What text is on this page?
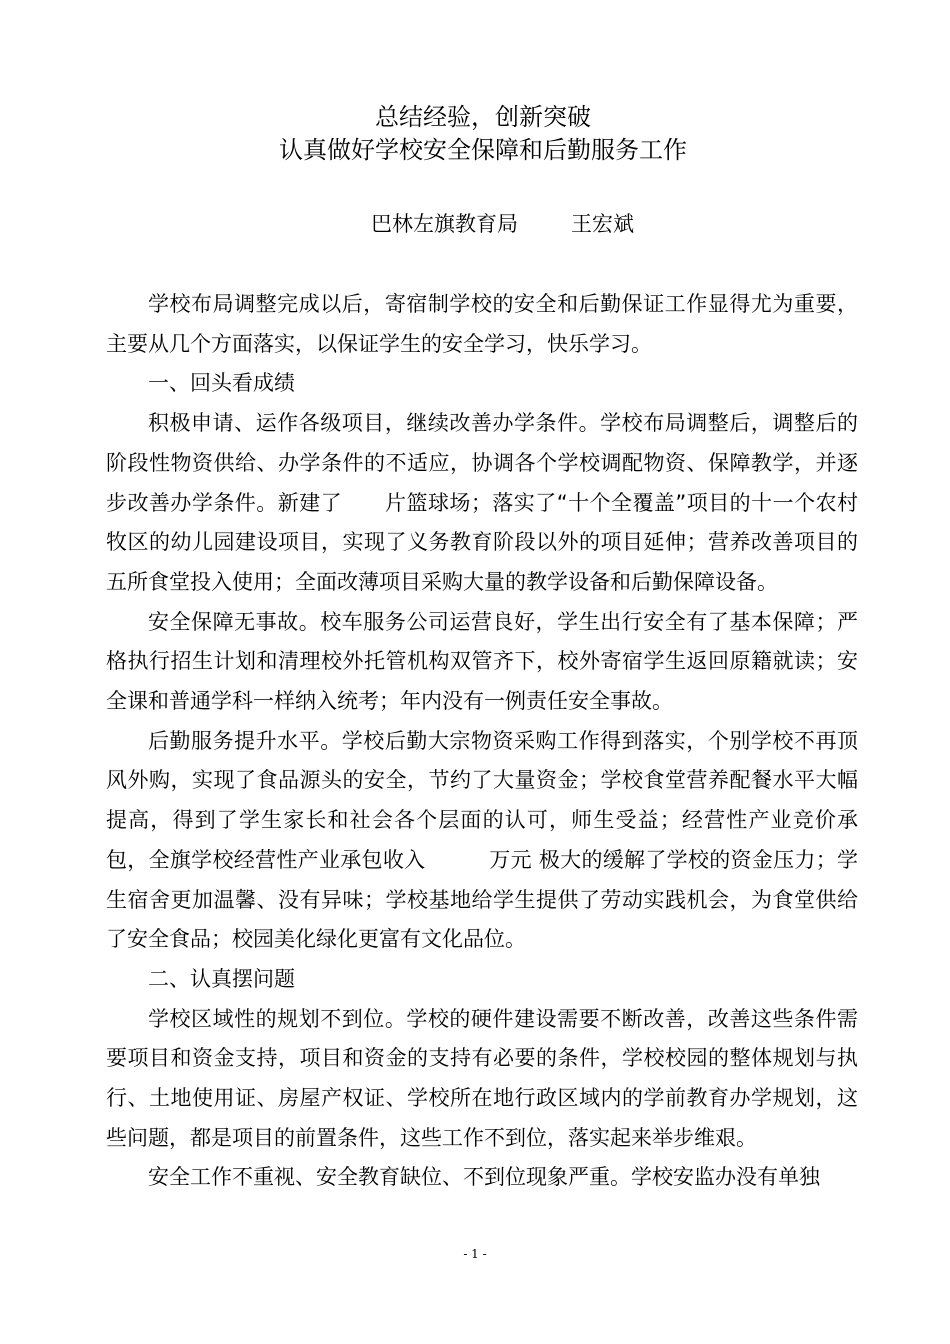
总结经验，创新突破
认真做好学校安全保障和后勤服务工作
巴林左旗教育局	王宏斌

学校布局调整完成以后，寄宿制学校的安全和后勤保证工作显得尤为重要，主要从几个方面落实，以保证学生的安全学习，快乐学习。

一、回头看成绩

积极申请、运作各级项目，继续改善办学条件。学校布局调整后，调整后的阶段性物资供给、办学条件的不适应，协调各个学校调配物资、保障教学，并逐步改善办学条件。新建了　　片篮球场；落实了“十个全覆盖”项目的十一个农村牧区的幼儿园建设项目，实现了义务教育阶段以外的项目延伸；营养改善项目的五所食堂投入使用；全面改薄项目采购大量的教学设备和后勤保障设备。

安全保障无事故。校车服务公司运营良好，学生出行安全有了基本保障；严格执行招生计划和清理校外托管机构双管齐下，校外寄宿学生返回原籍就读；安全课和普通学科一样纳入统考；年内没有一例责任安全事故。

后勤服务提升水平。学校后勤大宗物资采购工作得到落实，个别学校不再顶风外购，实现了食品源头的安全，节约了大量资金；学校食堂营养配餐水平大幅提高，得到了学生家长和社会各个层面的认可，师生受益；经营性产业竞价承包，全旗学校经营性产业承包收入　　　万元 极大的缓解了学校的资金压力；学生宿舍更加温馨、没有异味；学校基地给学生提供了劳动实践机会，为食堂供给了安全食品；校园美化绿化更富有文化品位。

二、认真摆问题

学校区域性的规划不到位。学校的硬件建设需要不断改善，改善这些条件需要项目和资金支持，项目和资金的支持有必要的条件，学校校园的整体规划与执行、土地使用证、房屋产权证、学校所在地行政区域内的学前教育办学规划，这些问题，都是项目的前置条件，这些工作不到位，落实起来举步维艰。

安全工作不重视、安全教育缺位、不到位现象严重。学校安监办没有单独

- 1 -
